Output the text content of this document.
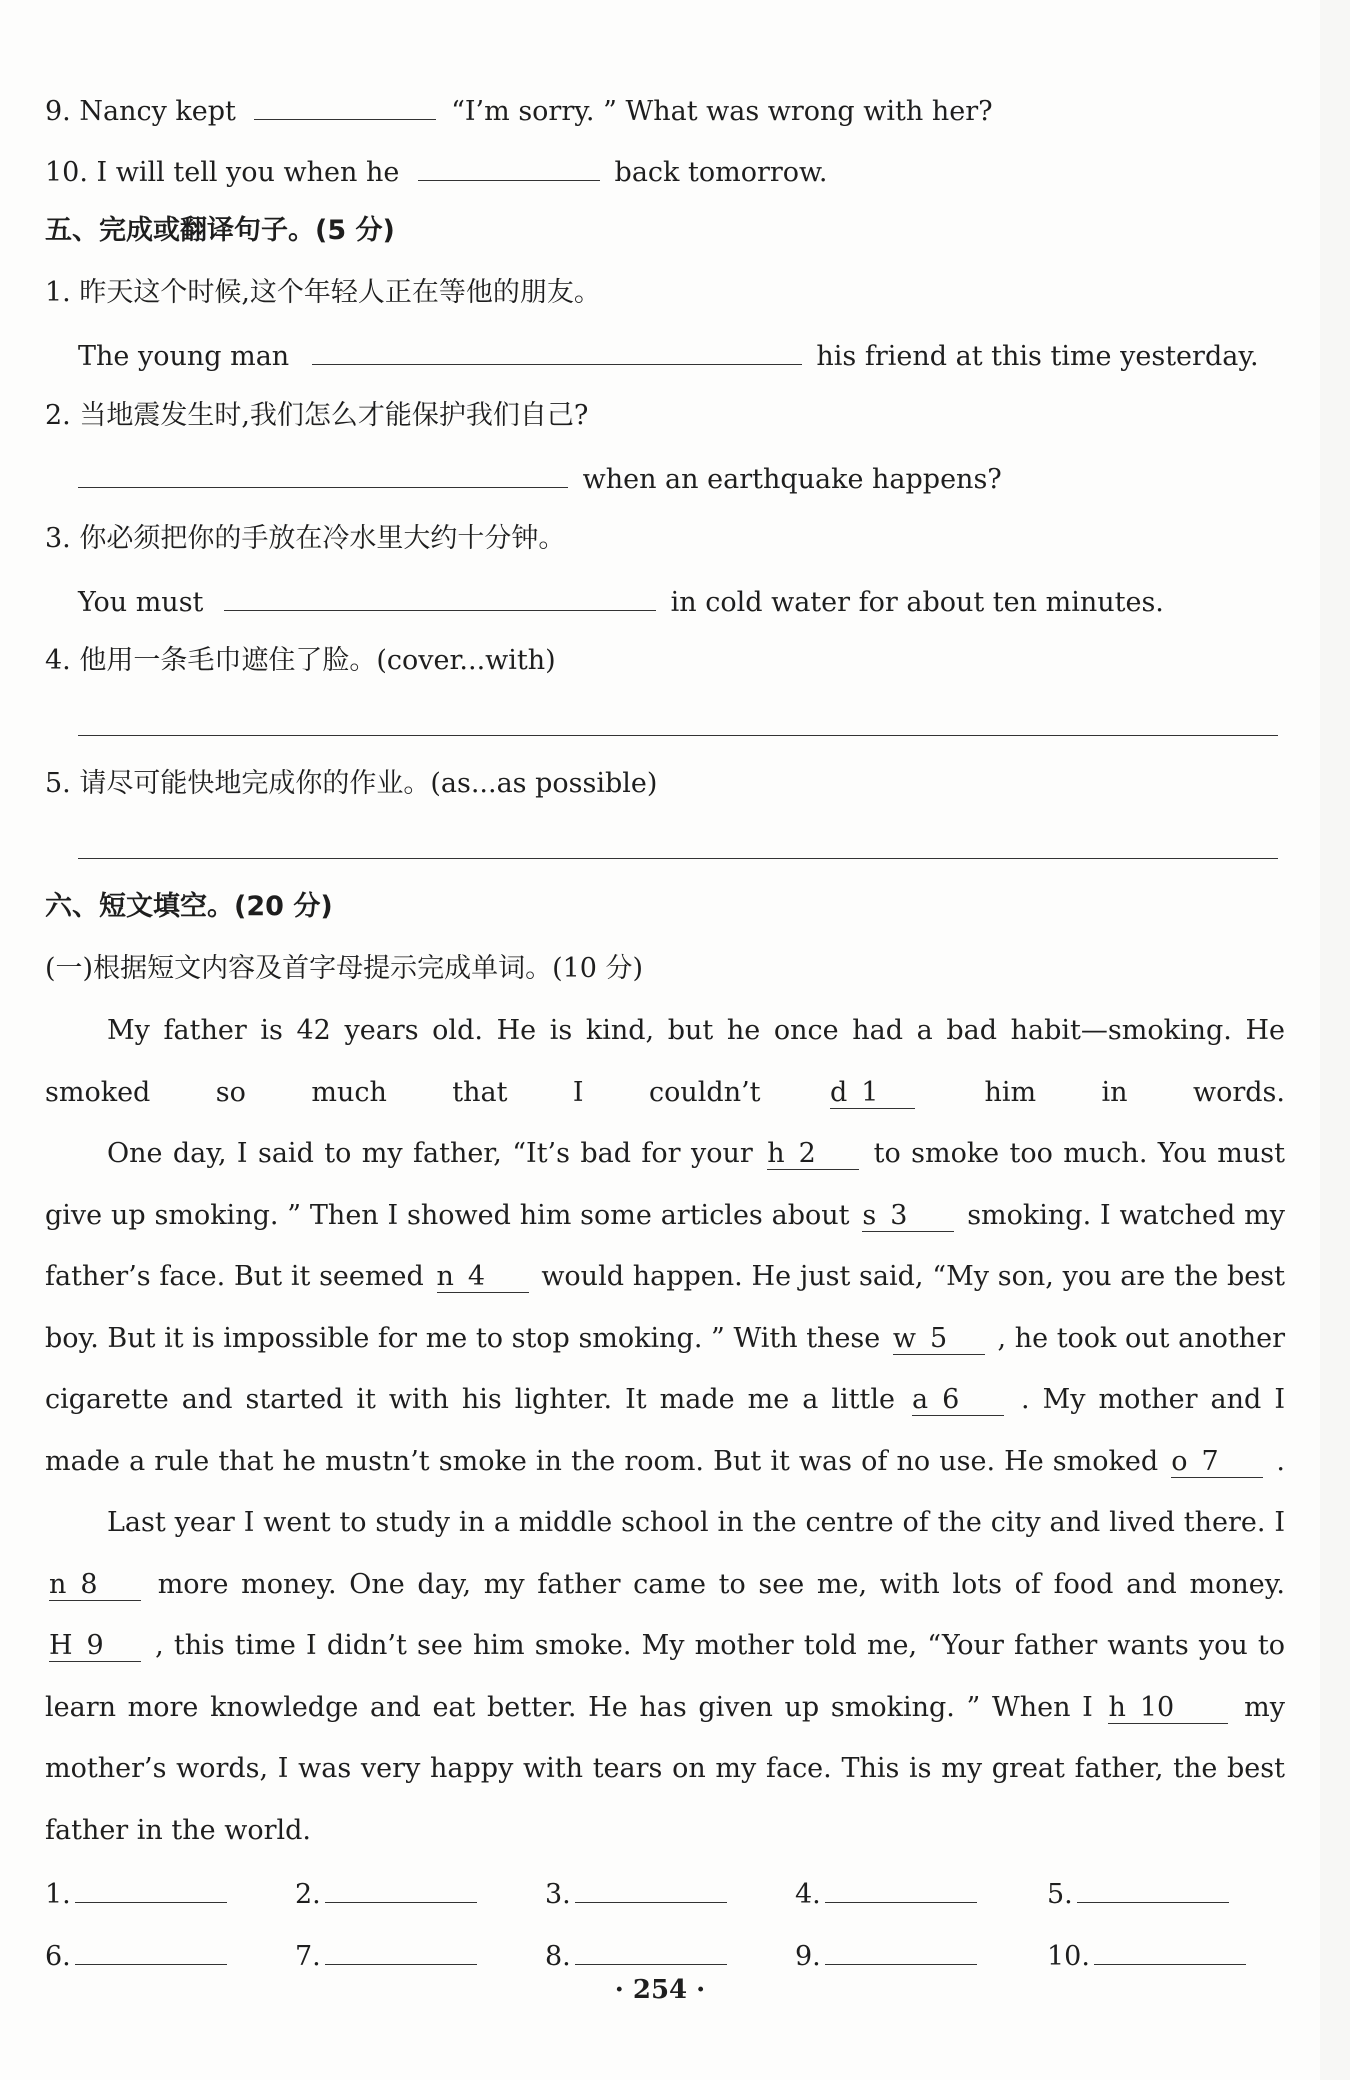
9. Nancy kept	“I’m sorry. ” What was wrong with her?
10. I will tell you when he	back tomorrow.
五、完成或翻译句子。(5 分)
1. 昨天这个时候,这个年轻人正在等他的朋友。
The young man	his friend at this time yesterday.
2. 当地震发生时,我们怎么才能保护我们自己?
when an earthquake happens?
3. 你必须把你的手放在冷水里大约十分钟。
You must	in cold water for about ten minutes.
4. 他用一条毛巾遮住了脸。(cover...with)
5. 请尽可能快地完成你的作业。(as...as possible)
六、短文填空。(20 分)
(一)根据短文内容及首字母提示完成单词。(10 分)
My father is 42 years old. He is kind, but he once had a bad habit—smoking. He smoked so much that I couldn’t	d 1	him in words.
One day, I said to my father, “It’s bad for your h 2 to smoke too much. You must give up smoking. ” Then I showed him some articles about s 3 smoking. I watched my father’s face. But it seemed n 4 would happen. He just said, “My son, you are the best boy. But it is impossible for me to stop smoking. ” With these w 5 , he took out another cigarette and started it with his lighter. It made me a little a 6 . My mother and I made a rule that he mustn’t smoke in the room. But it was of no use. He smoked o 7 .
Last year I went to study in a middle school in the centre of the city and lived there. I n 8 more money. One day, my father came to see me, with lots of food and money. H 9 , this time I didn’t see him smoke. My mother told me, “Your father wants you to learn more knowledge and eat better. He has given up smoking. ” When I h 10	my mother’s words, I was very happy with tears on my face. This is my great father, the best father in the world.
1.	2.	3.	4.	5.
6.	7.	8.	9.	10.
· 254 ·
